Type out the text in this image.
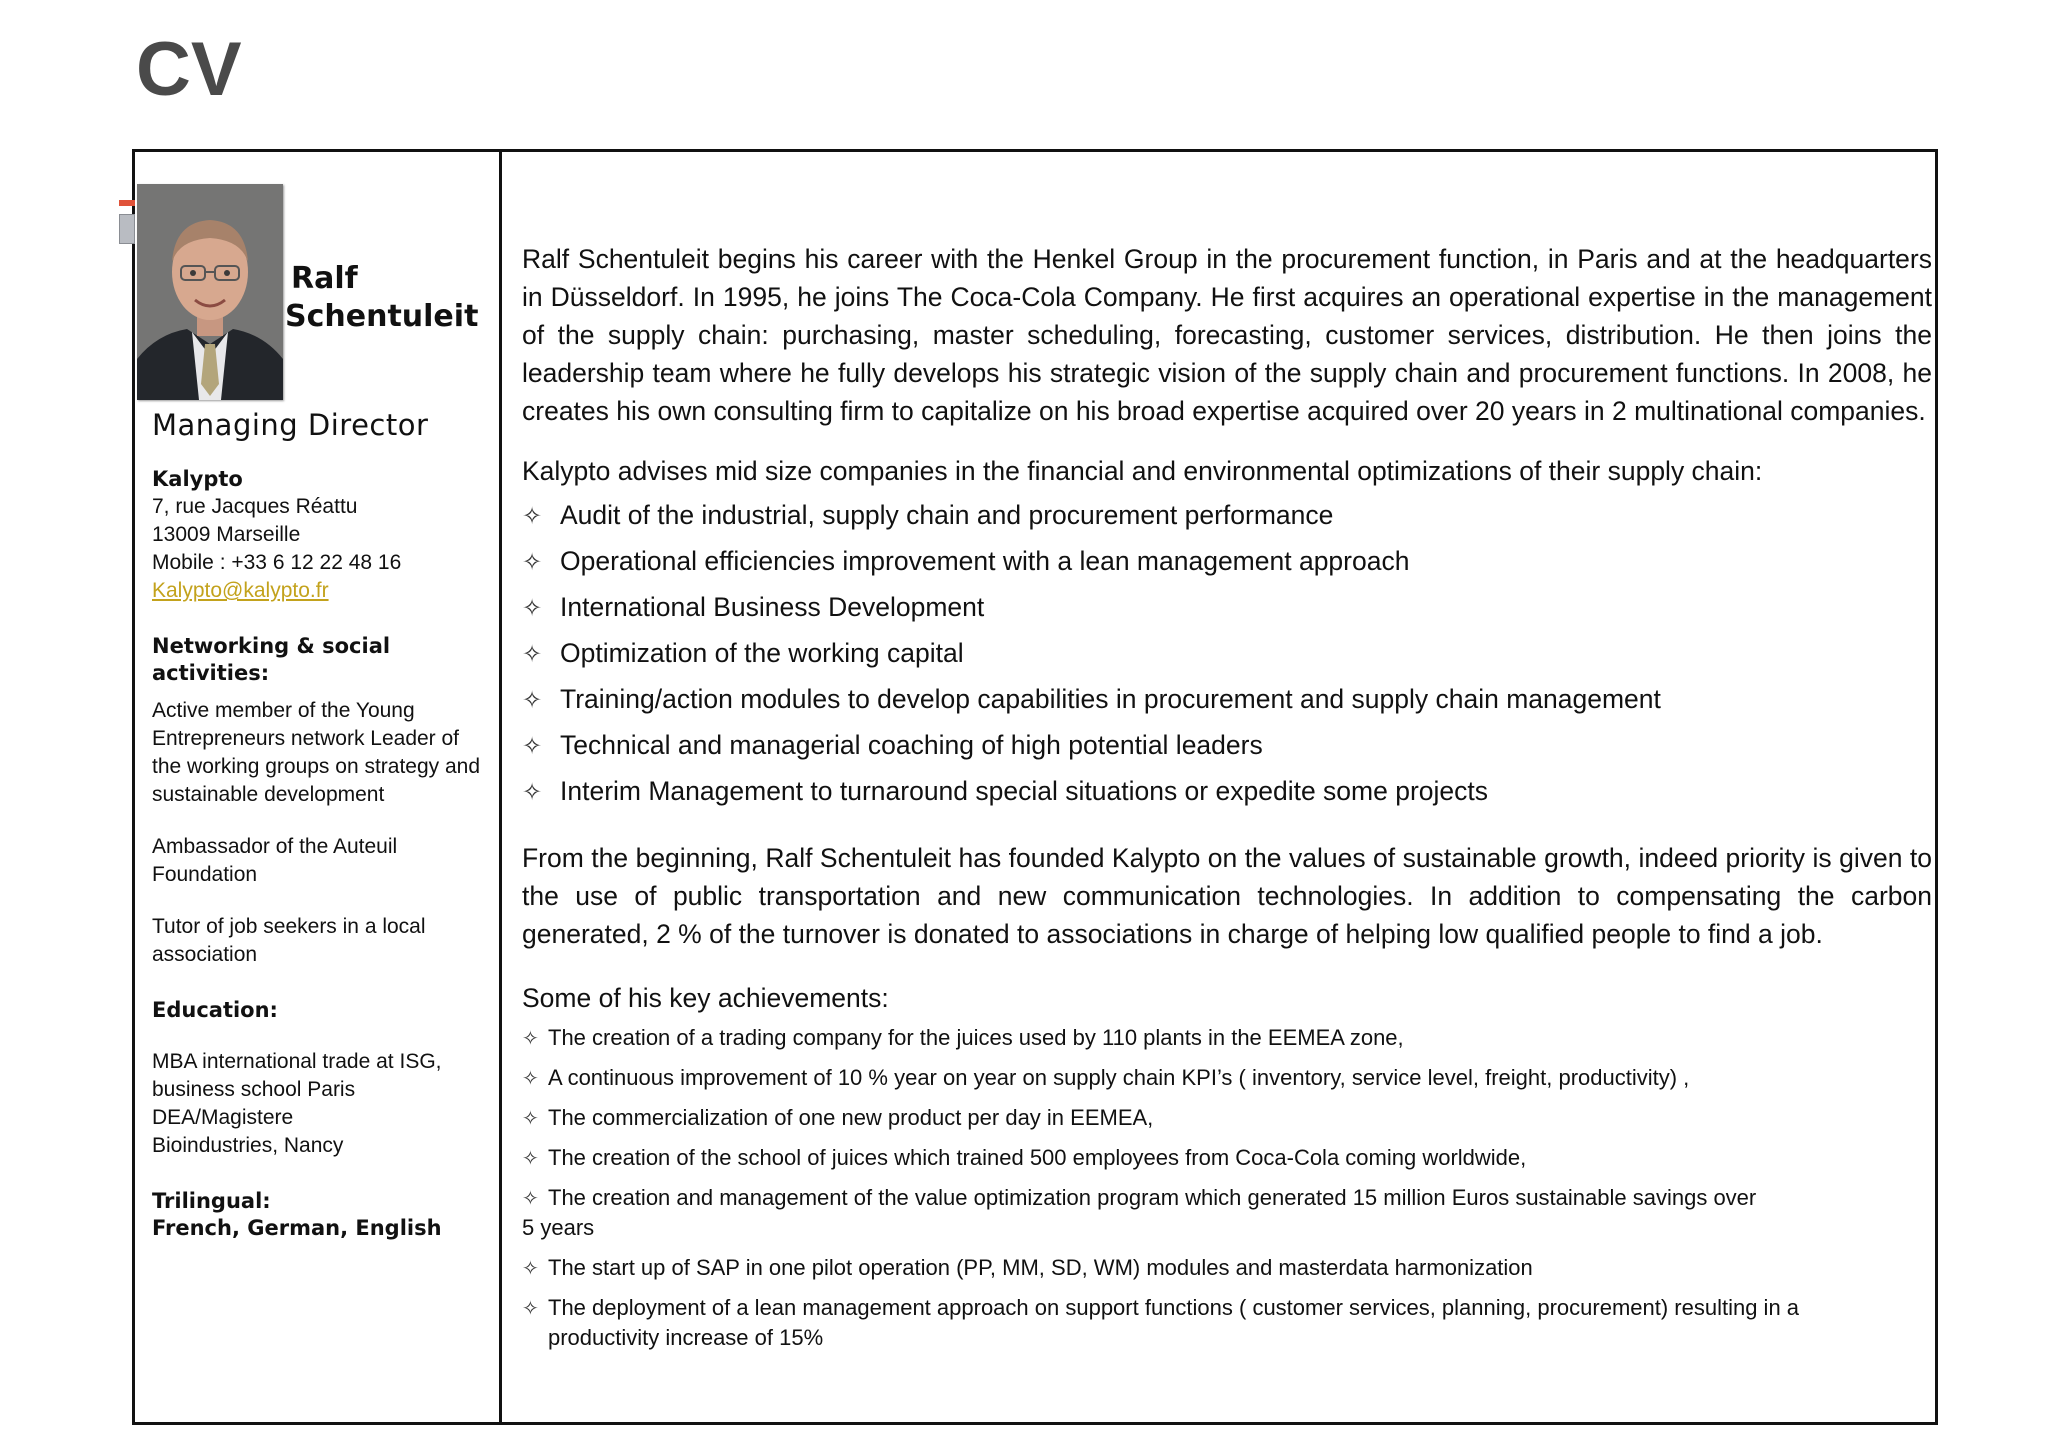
CV
Ralf
Schentuleit
Managing Director
Kalypto
7, rue Jacques Réattu
13009 Marseille
Mobile : +33 6 12 22 48 16
Kalypto@kalypto.fr
Networking & social activities:
Active member of the Young Entrepreneurs network Leader of the working groups on strategy and sustainable development
Ambassador of the Auteuil Foundation
Tutor of job seekers in a local association
Education:
MBA international trade at ISG, business school Paris
DEA/Magistere
Bioindustries, Nancy
Trilingual:
French, German, English

Ralf Schentuleit begins his career with the Henkel Group in the procurement function, in Paris and at the headquarters in Düsseldorf. In 1995, he joins The Coca-Cola Company. He first acquires an operational expertise in the management of the supply chain: purchasing, master scheduling, forecasting, customer services, distribution. He then joins the leadership team where he fully develops his strategic vision of the supply chain and procurement functions. In 2008, he creates his own consulting firm to capitalize on his broad expertise acquired over 20 years in 2 multinational companies.

Kalypto advises mid size companies in the financial and environmental optimizations of their supply chain:

✧ Audit of the industrial, supply chain and procurement performance
✧ Operational efficiencies improvement with a lean management approach
✧ International Business Development
✧ Optimization of the working capital
✧ Training/action modules to develop capabilities in procurement and supply chain management
✧ Technical and managerial coaching of high potential leaders
✧ Interim Management to turnaround special situations or expedite some projects

From the beginning, Ralf Schentuleit has founded Kalypto on the values of sustainable growth, indeed priority is given to the use of public transportation and new communication technologies. In addition to compensating the carbon generated, 2 % of the turnover is donated to associations in charge of helping low qualified people to find a job.

Some of his key achievements:

✧ The creation of a trading company for the juices used by 110 plants in the EEMEA zone,
✧ A continuous improvement of 10 % year on year on supply chain KPI’s ( inventory, service level, freight, productivity) ,
✧ The commercialization of one new product per day in EEMEA,
✧ The creation of the school of juices which trained 500 employees from Coca-Cola coming worldwide,
✧ The creation and management of the value optimization program which generated 15 million Euros sustainable savings over
5 years
✧ The start up of SAP in one pilot operation (PP, MM, SD, WM) modules and masterdata harmonization
✧ The deployment of a lean management approach on support functions ( customer services, planning, procurement) resulting in a
productivity increase of 15%
